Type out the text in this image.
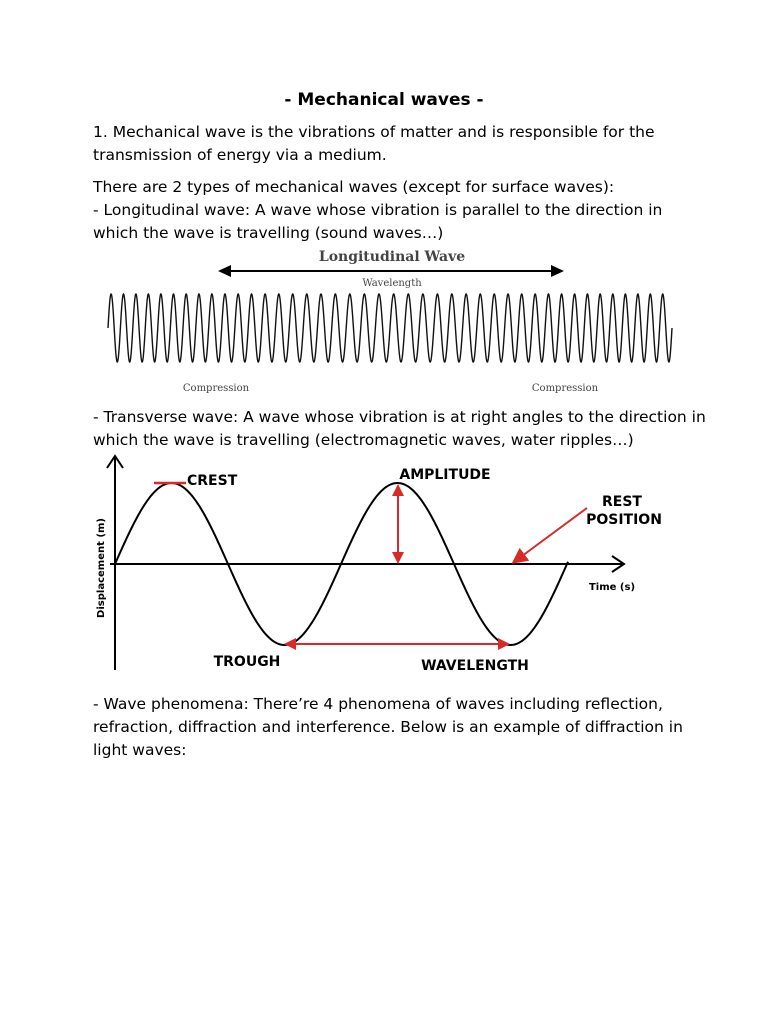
- Mechanical waves -
1. Mechanical wave is the vibrations of matter and is responsible for the
transmission of energy via a medium.
There are 2 types of mechanical waves (except for surface waves):
- Longitudinal wave: A wave whose vibration is parallel to the direction in
which the wave is travelling (sound waves…)
Longitudinal Wave
Wavelength
Compression	Compression
- Transverse wave: A wave whose vibration is at right angles to the direction in
which the wave is travelling (electromagnetic waves, water ripples…)
Displacement (m)	Time (s)
CREST	AMPLITUDE
REST
POSITION
TROUGH	WAVELENGTH
- Wave phenomena: There’re 4 phenomena of waves including reflection,
refraction, diffraction and interference. Below is an example of diffraction in
light waves:
